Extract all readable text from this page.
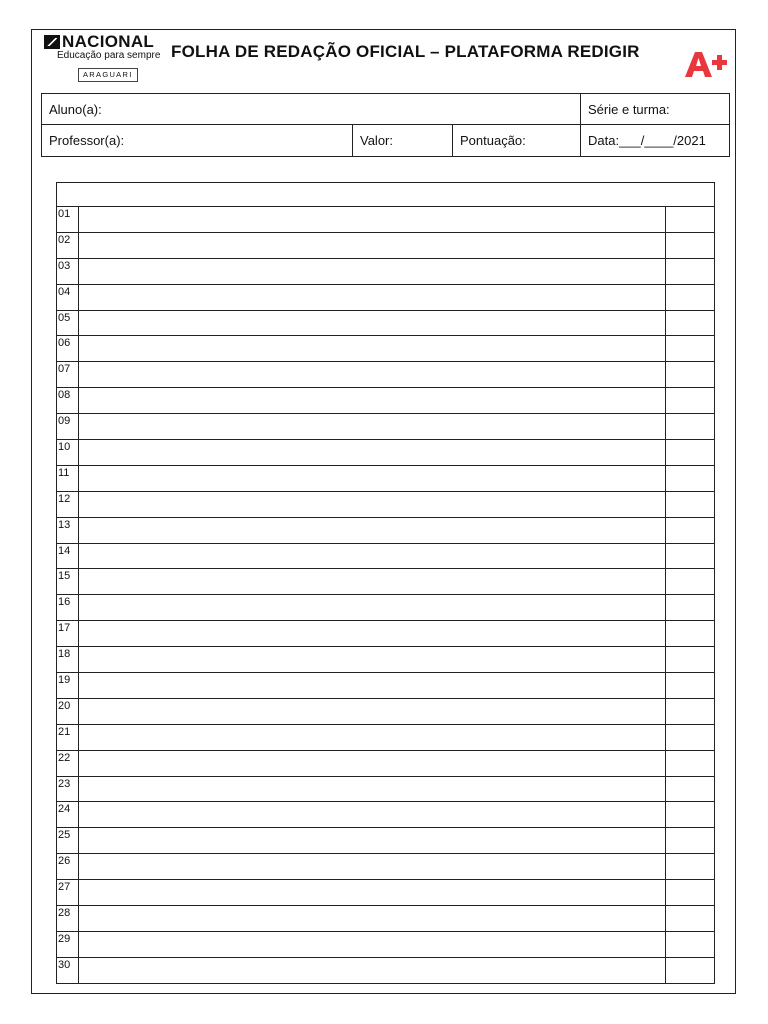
NACIONAL
Educação para sempre
ARAGUARI
FOLHA DE REDAÇÃO OFICIAL – PLATAFORMA REDIGIR
Aluno(a):			Série e turma:
Professor(a):	Valor:	Pontuação:	Data:___/____/2021

01		
02		
03		
04		
05		
06		
07		
08		
09		
10		
11		
12		
13		
14		
15		
16		
17		
18		
19		
20		
21		
22		
23		
24		
25		
26		
27		
28		
29		
30		
